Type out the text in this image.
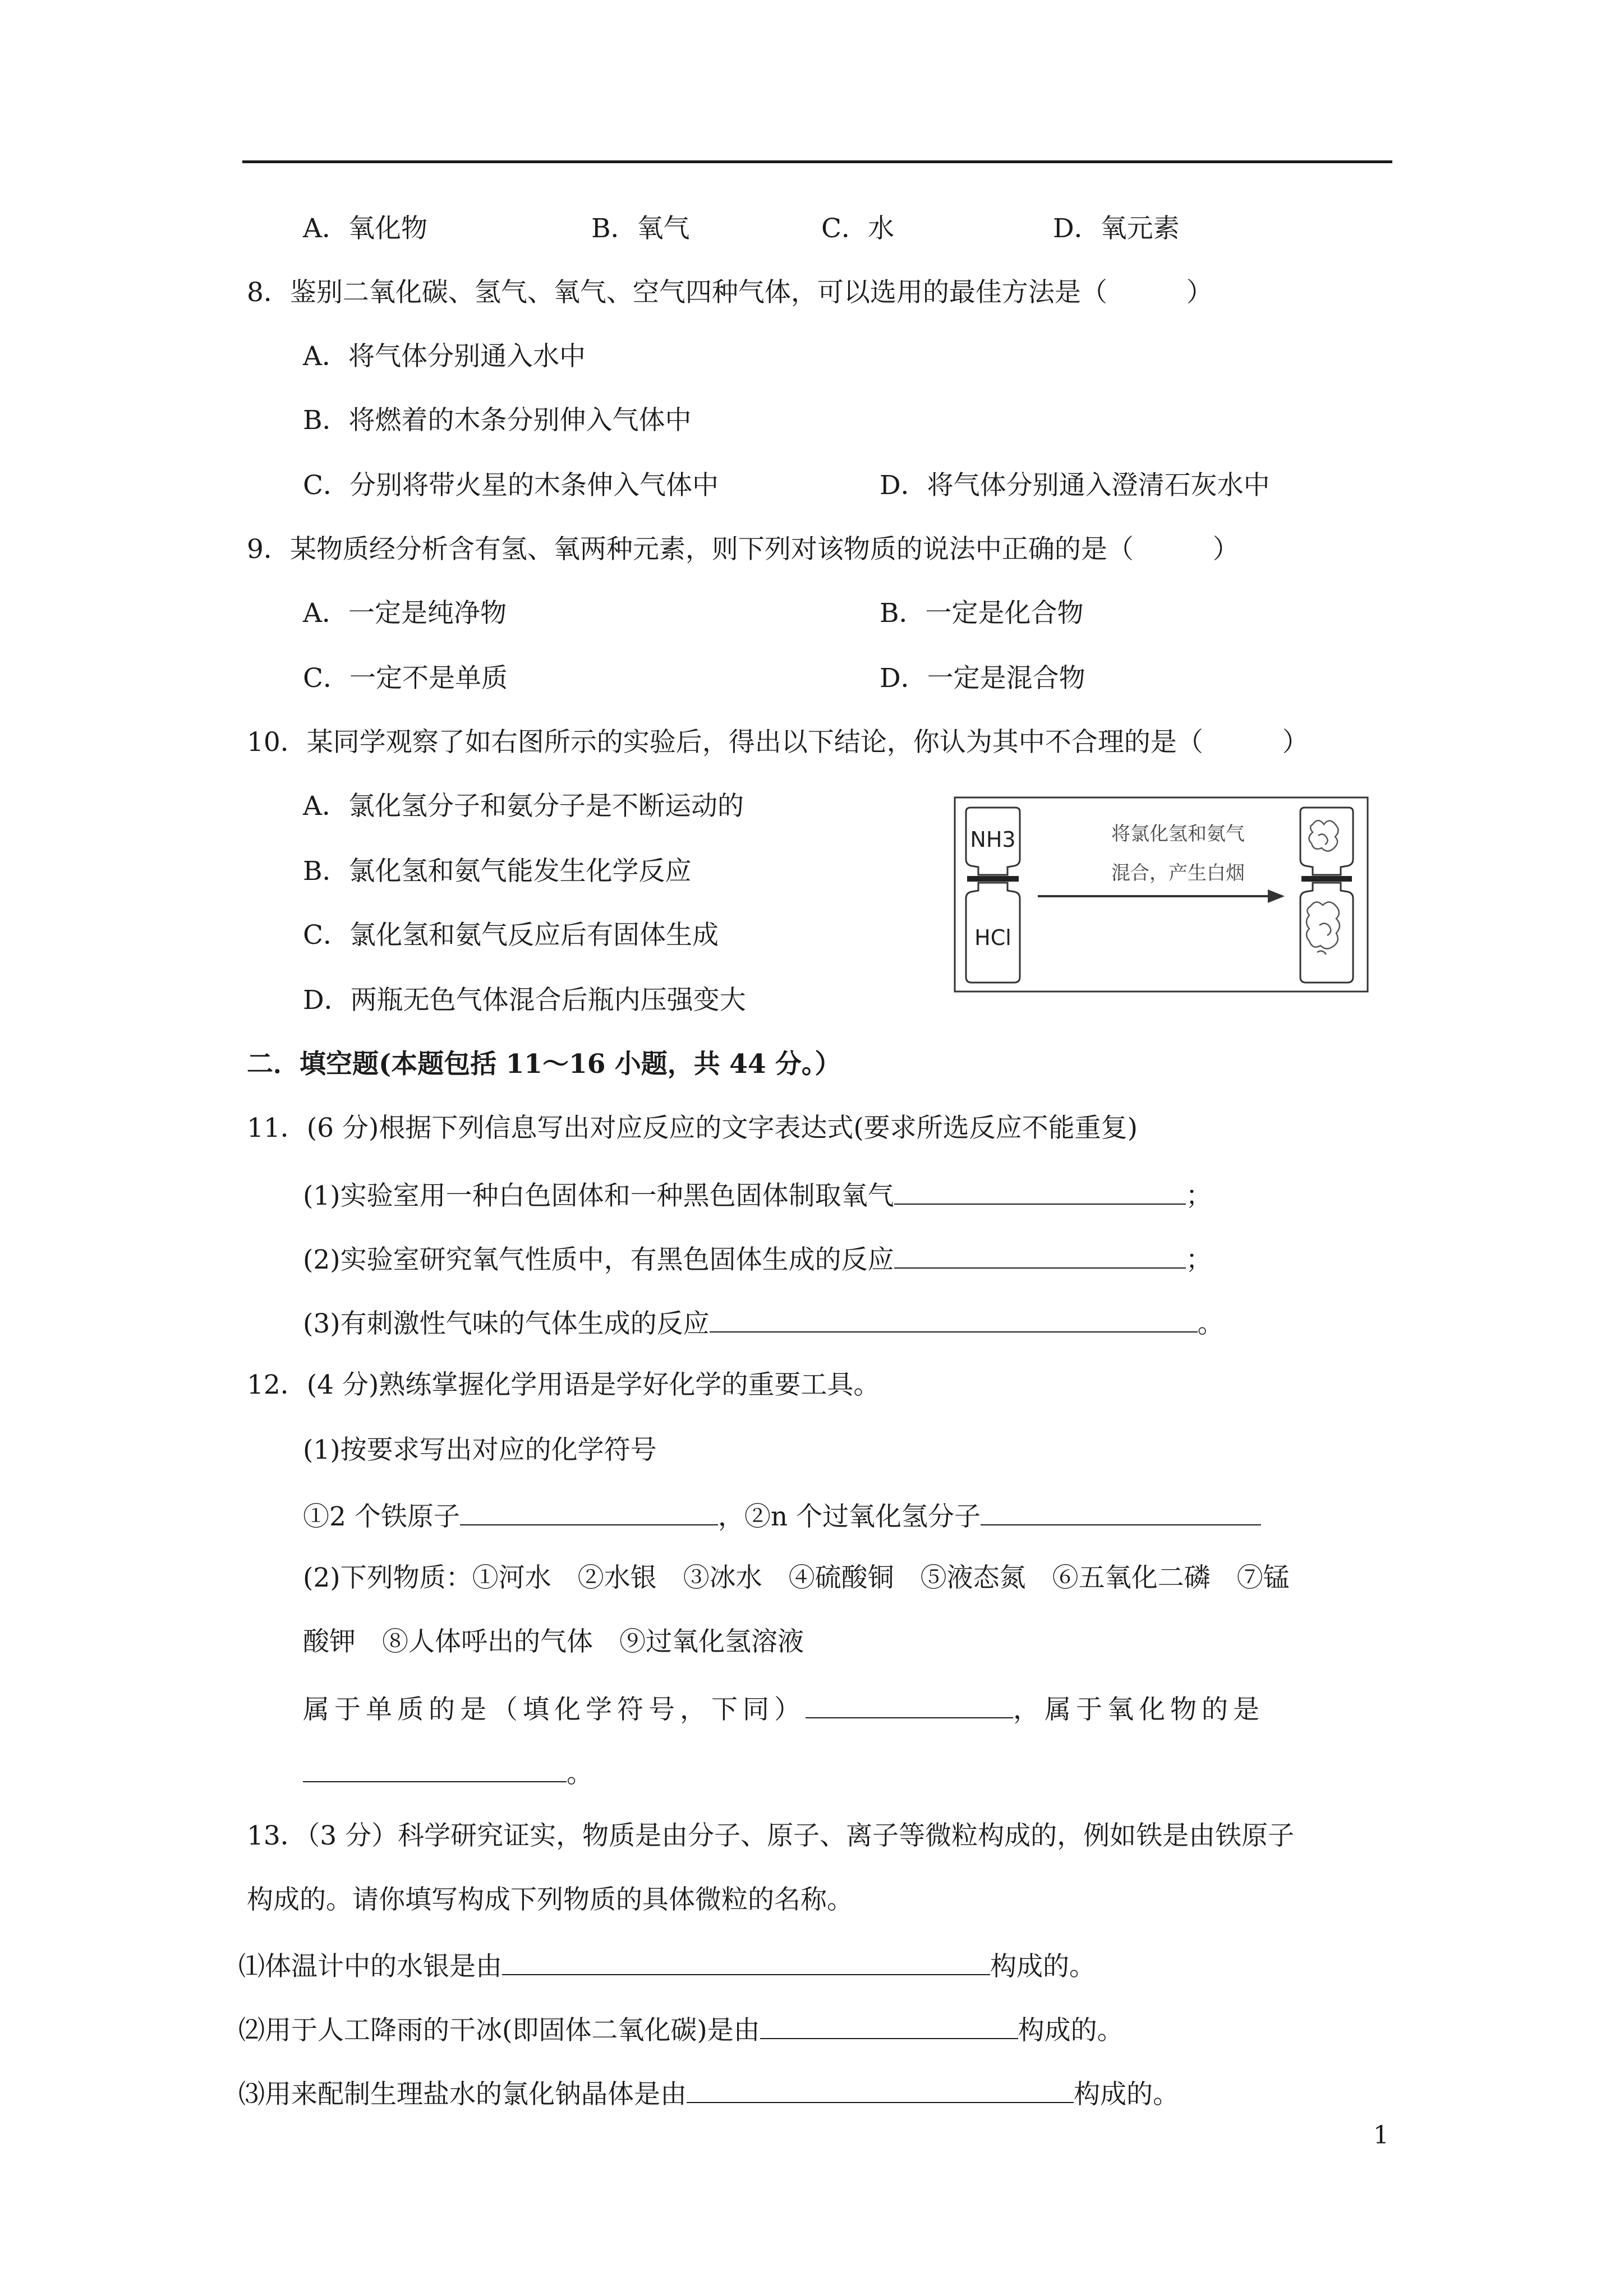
A．氧化物	B．氧气	C．水	D．氧元素
8．鉴别二氧化碳、氢气、氧气、空气四种气体，可以选用的最佳方法是（　　　）
A．将气体分别通入水中
B．将燃着的木条分别伸入气体中
C．分别将带火星的木条伸入气体中	D．将气体分别通入澄清石灰水中
9．某物质经分析含有氢、氧两种元素，则下列对该物质的说法中正确的是（　　　）
A．一定是纯净物	B．一定是化合物
C．一定不是单质	D．一定是混合物
10．某同学观察了如右图所示的实验后，得出以下结论，你认为其中不合理的是（　　　）
A．氯化氢分子和氨分子是不断运动的
B．氯化氢和氨气能发生化学反应
C．氯化氢和氨气反应后有固体生成
D．两瓶无色气体混合后瓶内压强变大
NH3
HCl
将氯化氢和氨气
混合，产生白烟
二．填空题(本题包括 11～16 小题，共 44 分。）
11．(6 分)根据下列信息写出对应反应的文字表达式(要求所选反应不能重复)
(1)实验室用一种白色固体和一种黑色固体制取氧气	；
(2)实验室研究氧气性质中，有黑色固体生成的反应	；
(3)有刺激性气味的气体生成的反应	。
12．(4 分)熟练掌握化学用语是学好化学的重要工具。
(1)按要求写出对应的化学符号
①2 个铁原子	，②n 个过氧化氢分子
(2)下列物质：①河水　②水银　③冰水　④硫酸铜　⑤液态氮　⑥五氧化二磷　⑦锰
酸钾　⑧人体呼出的气体　⑨过氧化氢溶液
属于单质的是（填化学符号，下同）	，属于氧化物的是
。
13．（3 分）科学研究证实，物质是由分子、原子、离子等微粒构成的，例如铁是由铁原子
构成的。请你填写构成下列物质的具体微粒的名称。
⑴体温计中的水银是由	构成的。
⑵用于人工降雨的干冰(即固体二氧化碳)是由	构成的。
⑶用来配制生理盐水的氯化钠晶体是由	构成的。
1
